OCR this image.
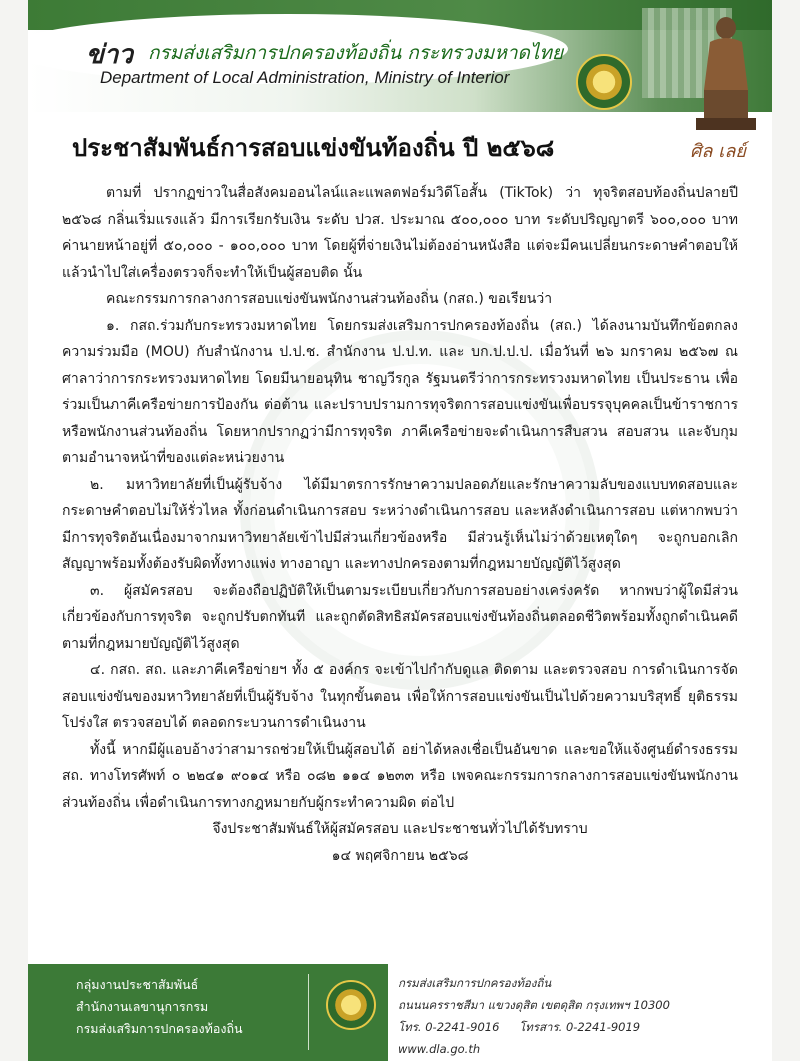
ข่าว กรมส่งเสริมการปกครองท้องถิ่น กระทรวงมหาดไทย
Department of Local Administration, Ministry of Interior
ศิล เลย์
ประชาสัมพันธ์การสอบแข่งขันท้องถิ่น ปี ๒๕๖๘

ตามที่ ปรากฏข่าวในสื่อสังคมออนไลน์และแพลตฟอร์มวิดีโอสั้น (TikTok) ว่า ทุจริตสอบท้องถิ่นปลายปี ๒๕๖๘ กลิ่นเริ่มแรงแล้ว มีการเรียกรับเงิน ระดับ ปวส. ประมาณ ๕๐๐,๐๐๐ บาท ระดับปริญญาตรี ๖๐๐,๐๐๐ บาท ค่านายหน้าอยู่ที่ ๕๐,๐๐๐ - ๑๐๐,๐๐๐ บาท โดยผู้ที่จ่ายเงินไม่ต้องอ่านหนังสือ แต่จะมีคนเปลี่ยนกระดาษคำตอบให้ แล้วนำไปใส่เครื่องตรวจก็จะทำให้เป็นผู้สอบติด นั้น

คณะกรรมการกลางการสอบแข่งขันพนักงานส่วนท้องถิ่น (กสถ.) ขอเรียนว่า

๑. กสถ.ร่วมกับกระทรวงมหาดไทย โดยกรมส่งเสริมการปกครองท้องถิ่น (สถ.) ได้ลงนามบันทึกข้อตกลงความร่วมมือ (MOU) กับสำนักงาน ป.ป.ช. สำนักงาน ป.ป.ท. และ บก.ป.ป.ป. เมื่อวันที่ ๒๖ มกราคม ๒๕๖๗ ณ ศาลาว่าการกระทรวงมหาดไทย โดยมีนายอนุทิน ชาญวีรกูล รัฐมนตรีว่าการกระทรวงมหาดไทย เป็นประธาน เพื่อร่วมเป็นภาคีเครือข่ายการป้องกัน ต่อต้าน และปราบปรามการทุจริตการสอบแข่งขันเพื่อบรรจุบุคคลเป็นข้าราชการหรือพนักงานส่วนท้องถิ่น โดยหากปรากฏว่ามีการทุจริต ภาคีเครือข่ายจะดำเนินการสืบสวน สอบสวน และจับกุมตามอำนาจหน้าที่ของแต่ละหน่วยงาน

๒. มหาวิทยาลัยที่เป็นผู้รับจ้าง ได้มีมาตรการรักษาความปลอดภัยและรักษาความลับของแบบทดสอบและกระดาษคำตอบไม่ให้รั่วไหล ทั้งก่อนดำเนินการสอบ ระหว่างดำเนินการสอบ และหลังดำเนินการสอบ แต่หากพบว่ามีการทุจริตอันเนื่องมาจากมหาวิทยาลัยเข้าไปมีส่วนเกี่ยวข้องหรือ มีส่วนรู้เห็นไม่ว่าด้วยเหตุใดๆ จะถูกบอกเลิกสัญญาพร้อมทั้งต้องรับผิดทั้งทางแพ่ง ทางอาญา และทางปกครองตามที่กฎหมายบัญญัติไว้สูงสุด

๓. ผู้สมัครสอบ จะต้องถือปฏิบัติให้เป็นตามระเบียบเกี่ยวกับการสอบอย่างเคร่งครัด หากพบว่าผู้ใดมีส่วนเกี่ยวข้องกับการทุจริต จะถูกปรับตกทันที และถูกตัดสิทธิสมัครสอบแข่งขันท้องถิ่นตลอดชีวิตพร้อมทั้งถูกดำเนินคดีตามที่กฎหมายบัญญัติไว้สูงสุด

๔. กสถ. สถ. และภาคีเครือข่ายฯ ทั้ง ๕ องค์กร จะเข้าไปกำกับดูแล ติดตาม และตรวจสอบ การดำเนินการจัดสอบแข่งขันของมหาวิทยาลัยที่เป็นผู้รับจ้าง ในทุกขั้นตอน เพื่อให้การสอบแข่งขันเป็นไปด้วยความบริสุทธิ์ ยุติธรรม โปร่งใส ตรวจสอบได้ ตลอดกระบวนการดำเนินงาน

ทั้งนี้ หากมีผู้แอบอ้างว่าสามารถช่วยให้เป็นผู้สอบได้ อย่าได้หลงเชื่อเป็นอันขาด และขอให้แจ้งศูนย์ดำรงธรรม สถ. ทางโทรศัพท์ ๐ ๒๒๔๑ ๙๐๑๔ หรือ ๐๘๒ ๑๑๔ ๑๒๓๓ หรือ เพจคณะกรรมการกลางการสอบแข่งขันพนักงานส่วนท้องถิ่น เพื่อดำเนินการทางกฎหมายกับผู้กระทำความผิด ต่อไป

จึงประชาสัมพันธ์ให้ผู้สมัครสอบ และประชาชนทั่วไปได้รับทราบ

๑๔ พฤศจิกายน ๒๕๖๘

กลุ่มงานประชาสัมพันธ์
สำนักงานเลขานุการกรม
กรมส่งเสริมการปกครองท้องถิ่น
กรมส่งเสริมการปกครองท้องถิ่น
ถนนนครราชสีมา แขวงดุสิต เขตดุสิต กรุงเทพฯ 10300
โทร. 0-2241-9016 โทรสาร. 0-2241-9019 www.dla.go.th
